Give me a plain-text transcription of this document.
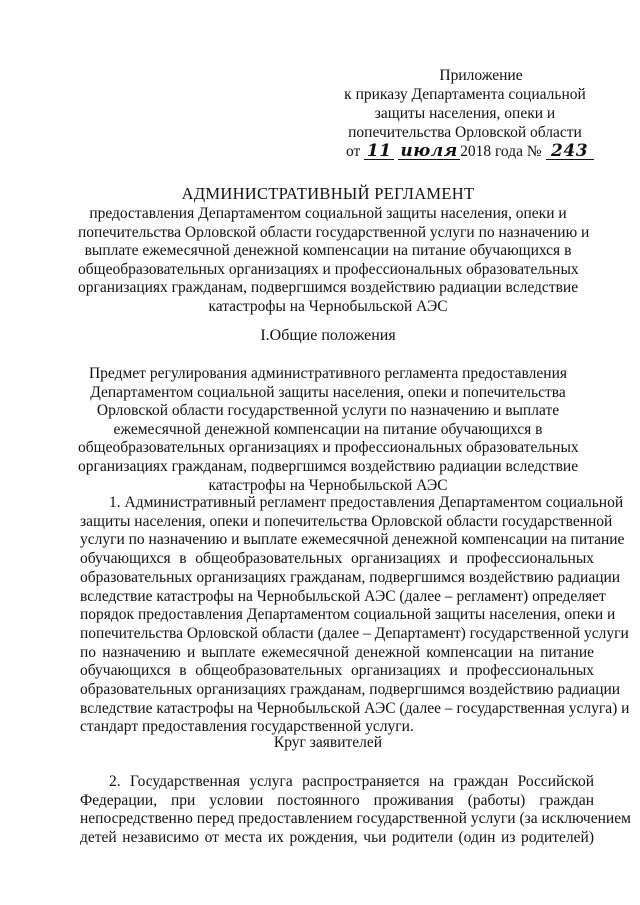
Приложение
к приказу Департамента социальной
защиты населения, опеки и
попечительства Орловской области
от 11 июля 2018 года № 243
АДМИНИСТРАТИВНЫЙ РЕГЛАМЕНТ
предоставления Департаментом социальной защиты населения, опеки и
попечительства Орловской области государственной услуги по назначению и
выплате ежемесячной денежной компенсации на питание обучающихся в
общеобразовательных организациях и профессиональных образовательных
организациях гражданам, подвергшимся воздействию радиации вследствие
катастрофы на Чернобыльской АЭС
I.Общие положения
Предмет регулирования административного регламента предоставления
Департаментом социальной защиты населения, опеки и попечительства
Орловской области государственной услуги по назначению и выплате
ежемесячной денежной компенсации на питание обучающихся в
общеобразовательных организациях и профессиональных образовательных
организациях гражданам, подвергшимся воздействию радиации вследствие
катастрофы на Чернобыльской АЭС
1. Административный регламент предоставления Департаментом социальной
защиты населения, опеки и попечительства Орловской области государственной
услуги по назначению и выплате ежемесячной денежной компенсации на питание
обучающихся в общеобразовательных организациях и профессиональных
образовательных организациях гражданам, подвергшимся воздействию радиации
вследствие катастрофы на Чернобыльской АЭС (далее – регламент) определяет
порядок предоставления Департаментом социальной защиты населения, опеки и
попечительства Орловской области (далее – Департамент) государственной услуги
по назначению и выплате ежемесячной денежной компенсации на питание
обучающихся в общеобразовательных организациях и профессиональных
образовательных организациях гражданам, подвергшимся воздействию радиации
вследствие катастрофы на Чернобыльской АЭС (далее – государственная услуга) и
стандарт предоставления государственной услуги.
Круг заявителей
2. Государственная услуга распространяется на граждан Российской
Федерации, при условии постоянного проживания (работы) граждан
непосредственно перед предоставлением государственной услуги (за исключением
детей независимо от места их рождения, чьи родители (один из родителей)
